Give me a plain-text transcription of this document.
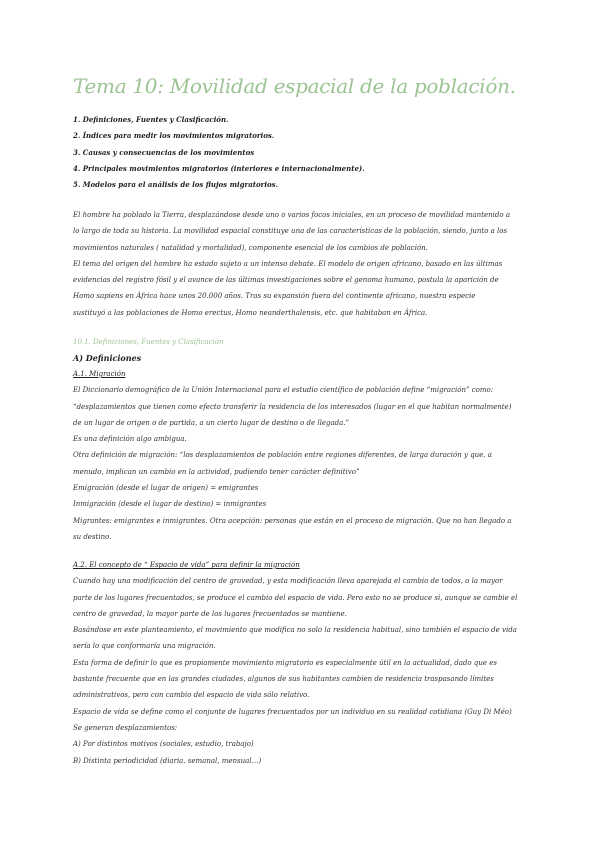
Tema 10: Movilidad espacial de la población.
1. Definiciones, Fuentes y Clasificación.
2. Índices para medir los movimientos migratorios.
3. Causas y consecuencias de los movimientos
4. Principales movimientos migratorios (interiores e internacionalmente).
5. Modelos para el análisis de los flujos migratorios.

El hombre ha poblado la Tierra, desplazándose desde uno o varios focos iniciales, en un proceso de movilidad mantenido a

lo largo de toda su historia. La movilidad espacial constituye una de las características de la población, siendo, junto a los

movimientos naturales ( natalidad y mortalidad), componente esencial de los cambios de población.

El tema del origen del hombre ha estado sujeto a un intenso debate. El modelo de origen africano, basado en las últimas

evidencias del registro fósil y el avance de las últimas investigaciones sobre el genoma humano, postula la aparición de

Homo sapiens en África hace unos 20.000 años. Tras su expansión fuera del continente africano, nuestra especie

sustituyó a las poblaciones de Homo erectus, Homo neanderthalensis, etc. que habitaban en África.

10.1. Definiciones, Fuentes y Clasificación

A) Definiciones

A.1. Migración

El Diccionario demográfico de la Unión Internacional para el estudio científico de población define “migración” como:

“desplazamientos que tienen como efecto transferir la residencia de los interesados (lugar en el que habitan normalmente)

de un lugar de origen o de partida, a un cierto lugar de destino o de llegada.”

Es una definición algo ambigua.

Otra definición de migración: “los desplazamientos de población entre regiones diferentes, de larga duración y que, a

menudo, implican un cambio en la actividad, pudiendo tener carácter definitivo”

Emigración (desde el lugar de origen) = emigrantes

Inmigración (desde el lugar de destino) = inmigrantes

Migrantes: emigrantes e inmigrantes. Otra acepción: personas que están en el proceso de migración. Que no han llegado a

su destino.

A.2. El concepto de “ Espacio de vida” para definir la migración

Cuando hay una modificación del centro de gravedad, y esta modificación lleva aparejada el cambio de todos, o la mayor

parte de los lugares frecuentados, se produce el cambio del espacio de vida. Pero esto no se produce si, aunque se cambie el

centro de gravedad, la mayor parte de los lugares frecuentados se mantiene.

Basándose en este planteamiento, el movimiento que modifica no solo la residencia habitual, sino también el espacio de vida

sería lo que conformaría una migración.

Esta forma de definir lo que es propiamente movimiento migratorio es especialmente útil en la actualidad, dado que es

bastante frecuente que en las grandes ciudades, algunos de sus habitantes cambien de residencia traspasando límites

administrativos, pero con cambio del espacio de vida sólo relativo.

Espacio de vida se define como el conjunte de lugares frecuentados por un individuo en su realidad cotidiana (Guy Di Méo)

Se generan desplazamientos:

A) Por distintos motivos (sociales, estudio, trabajo)

B) Distinta periodicidad (diaria, semanal, mensual…)
